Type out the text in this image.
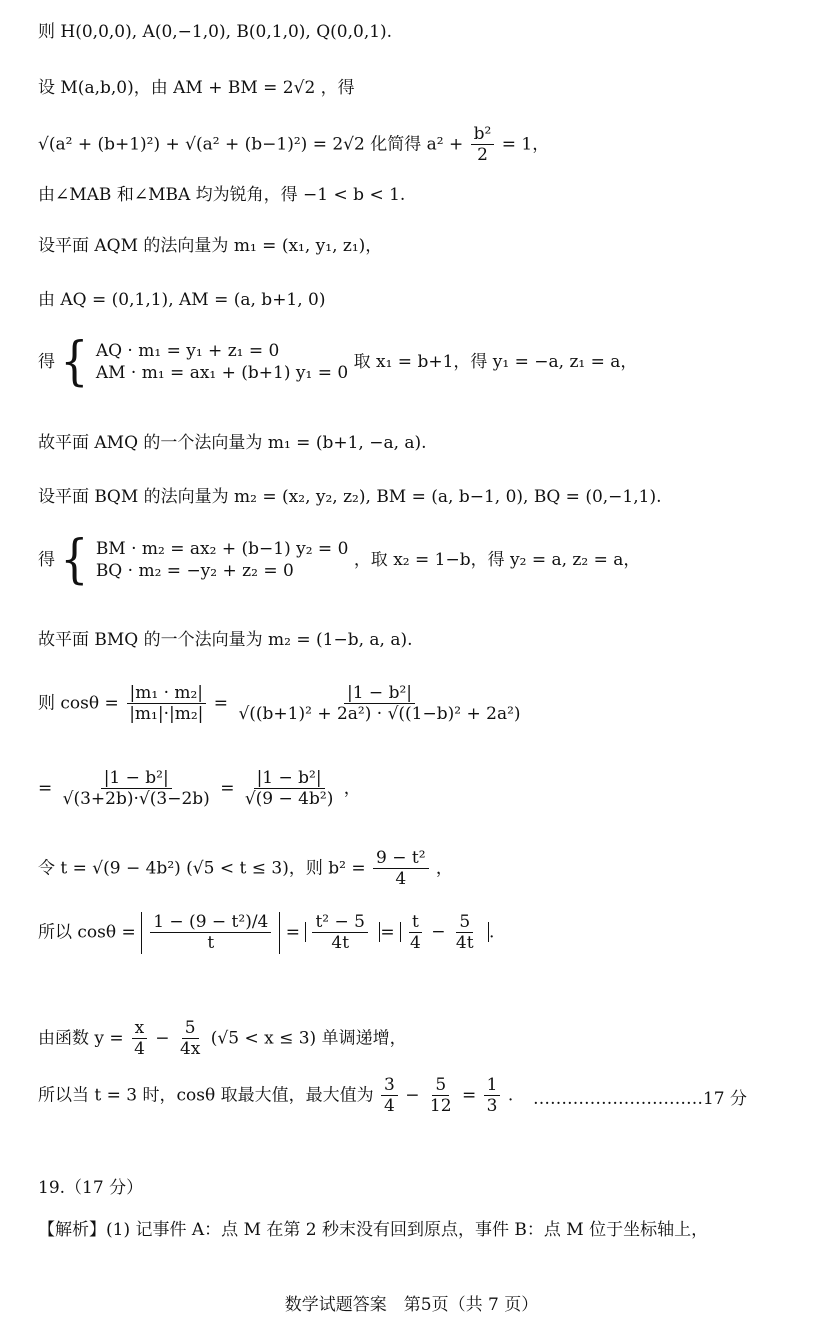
则 H(0,0,0), A(0,−1,0), B(0,1,0), Q(0,0,1).
设 M(a,b,0)，由 AM + BM = 2√2 ，得
√(a² + (b+1)²) + √(a² + (b−1)²) = 2√2 化简得 $a^2 + \frac{\text{b²}}{2} = 1$，
由∠MAB 和∠MBA 均为锐角，得 −1 < b < 1.
设平面 AQM 的法向量为 m₁ = (x₁, y₁, z₁)，
由 AQ = (0,1,1), AM = (a, b+1, 0)
得 { AQ · m₁ = y₁ + z₁ = 0
AM · m₁ = ax₁ + (b+1) y₁ = 0
取 x₁ = b+1，得 y₁ = −a, z₁ = a，
故平面 AMQ 的一个法向量为 m₁ = (b+1, −a, a).
设平面 BQM 的法向量为 m₂ = (x₂, y₂, z₂), BM = (a, b−1, 0), BQ = (0,−1,1).
得 { BM · m₂ = ax₂ + (b−1) y₂ = 0
BQ · m₂ = −y₂ + z₂ = 0
，取 x₂ = 1−b，得 y₂ = a, z₂ = a，
故平面 BMQ 的一个法向量为 m₂ = (1−b, a, a).
则 $\cos\theta = \frac{\text{|m₁ · m₂|}}{\text{|m₁|·|m₂|}} = \frac{\text{|1 − b²|}}{\text{√((b+1)² + 2a²) · √((1−b)² + 2a²)}}$
= $\frac{\text{|1 − b²|}}{√(3+2b)\cdot√(3-2b)} = \frac{\text{|1 − b²|}}{\text{√(9 − 4b²)}}$ ，
令 t = √(9 − 4b²) (√5 < t ≤ 3)，则 $b^2 = \frac{\text{9 − t²}}{4}$ ，
所以 $\cos\theta = \frac{\text{1 − (9 − t²)/4}}{t} = \frac{\text{t² − 5}}{4t} = \frac{t}{4} - \frac{5}{4t}$ .
由函数 $y = \frac{x}{4} - \frac{5}{4x} (√5 < x \le 3)$ 单调递增，
所以当 t = 3 时，cosθ 取最大值，最大值为 $\frac{3}{4} - \frac{5}{12} = \frac{1}{3}$ . …………………………17 分
19.（17 分）
【解析】(1) 记事件 A：点 M 在第 2 秒末没有回到原点，事件 B：点 M 位于坐标轴上，
数学试题答案　第5页（共 7 页）
